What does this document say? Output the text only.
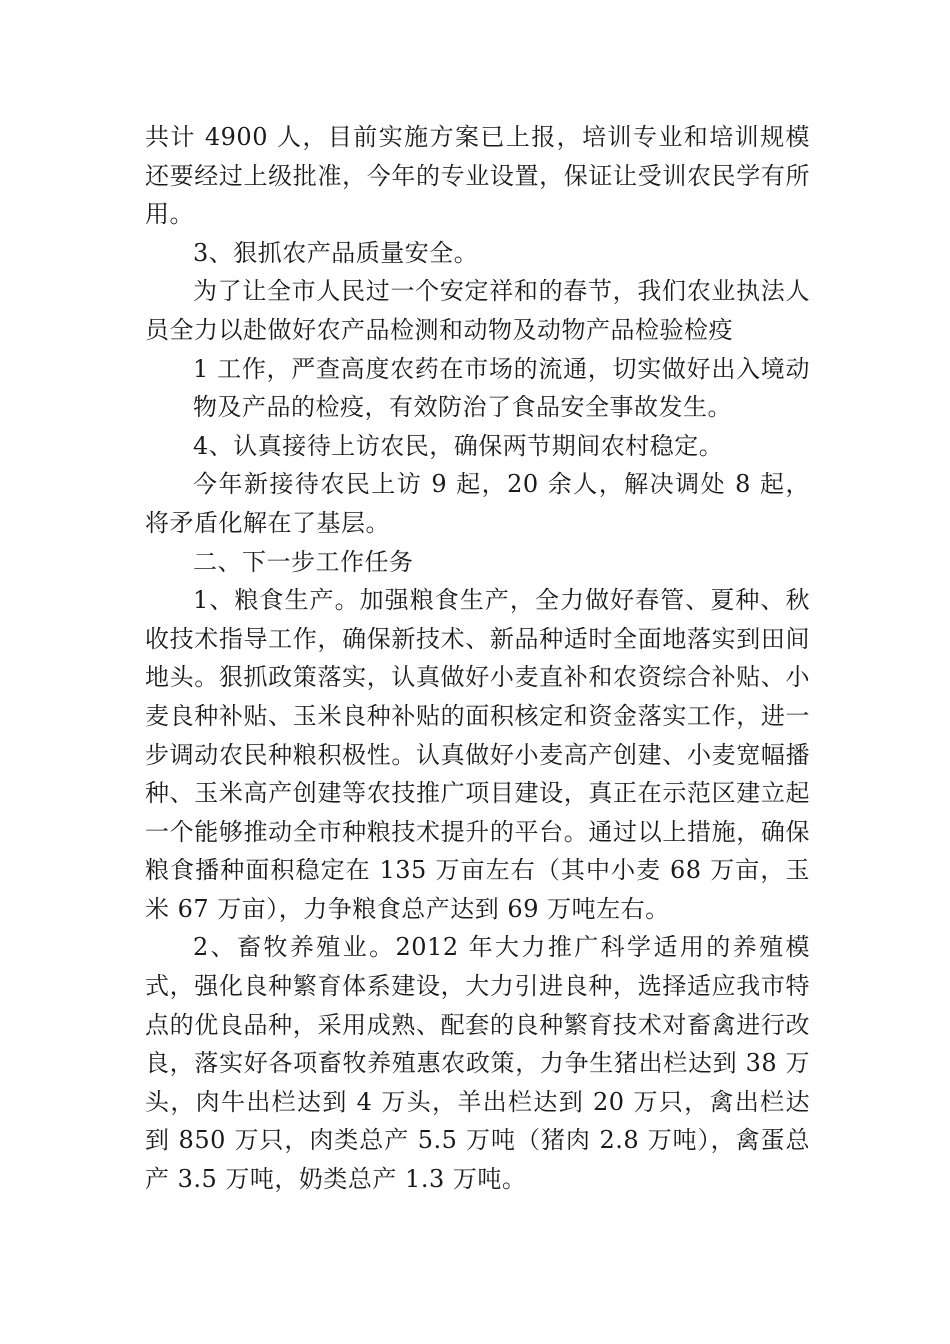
共计 4900 人，目前实施方案已上报，培训专业和培训规模还要经过上级批准，今年的专业设置，保证让受训农民学有所用。

3、狠抓农产品质量安全。

为了让全市人民过一个安定祥和的春节，我们农业执法人员全力以赴做好农产品检测和动物及动物产品检验检疫

1 工作，严查高度农药在市场的流通，切实做好出入境动物及产品的检疫，有效防治了食品安全事故发生。

4、认真接待上访农民，确保两节期间农村稳定。

今年新接待农民上访 9 起，20 余人，解决调处 8 起，将矛盾化解在了基层。

二、下一步工作任务

1、粮食生产。加强粮食生产，全力做好春管、夏种、秋收技术指导工作，确保新技术、新品种适时全面地落实到田间地头。狠抓政策落实，认真做好小麦直补和农资综合补贴、小麦良种补贴、玉米良种补贴的面积核定和资金落实工作，进一步调动农民种粮积极性。认真做好小麦高产创建、小麦宽幅播种、玉米高产创建等农技推广项目建设，真正在示范区建立起一个能够推动全市种粮技术提升的平台。通过以上措施，确保粮食播种面积稳定在 135 万亩左右（其中小麦 68 万亩，玉米 67 万亩），力争粮食总产达到 69 万吨左右。

2、畜牧养殖业。2012 年大力推广科学适用的养殖模式，强化良种繁育体系建设，大力引进良种，选择适应我市特点的优良品种，采用成熟、配套的良种繁育技术对畜禽进行改良，落实好各项畜牧养殖惠农政策，力争生猪出栏达到 38 万头，肉牛出栏达到 4 万头，羊出栏达到 20 万只，禽出栏达到 850 万只，肉类总产 5.5 万吨（猪肉 2.8 万吨），禽蛋总产 3.5 万吨，奶类总产 1.3 万吨。
